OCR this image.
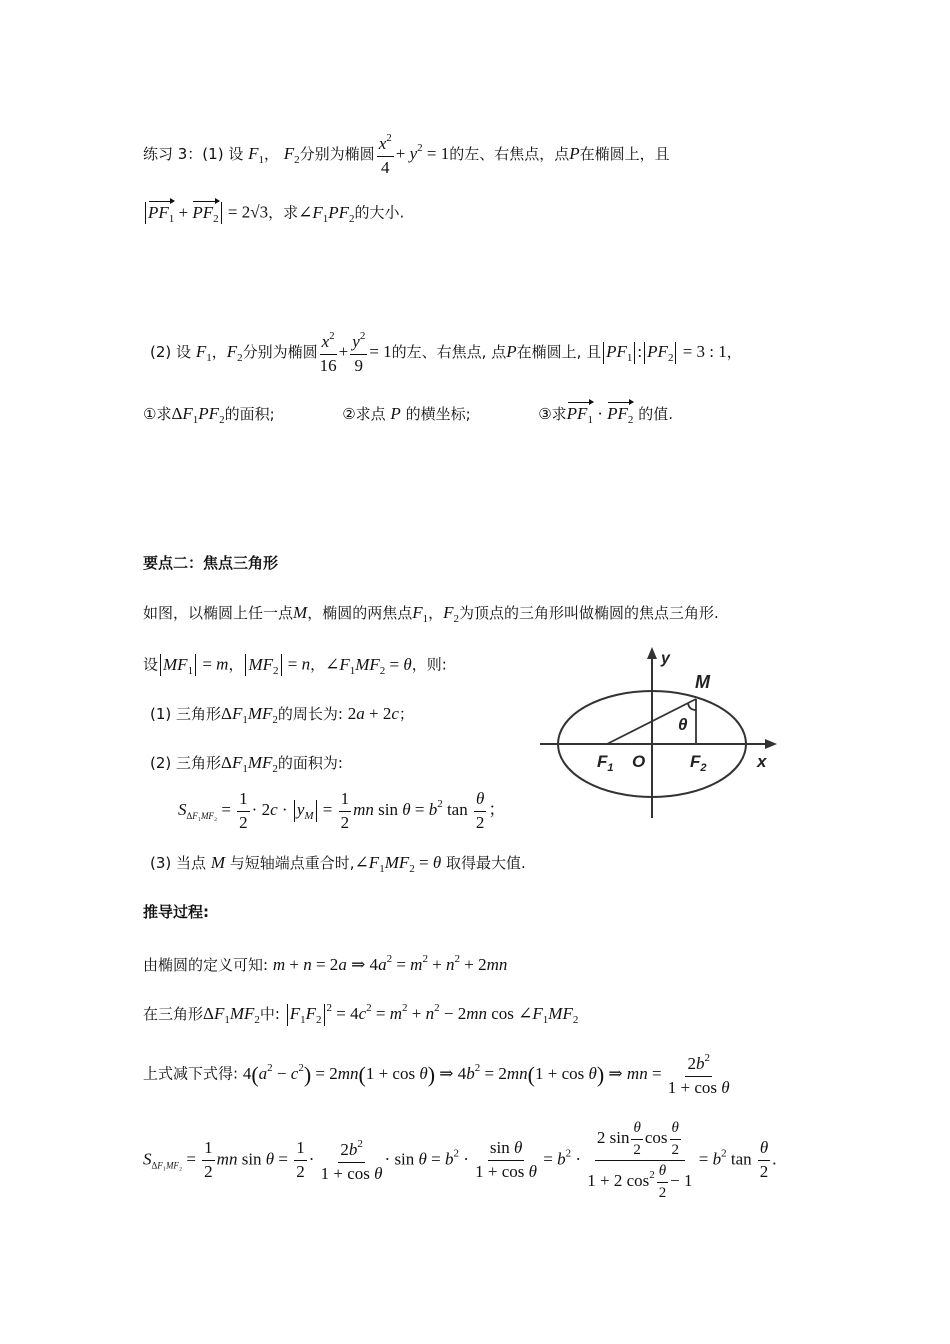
练习 3：(1) 设 $F_1$， $F_2$分别为椭圆 $\frac{x^2}{4} + y^2 = 1$的左、右焦点，点P在椭圆上，且
$PF_1 + PF_2 = 2√3$，求$\angle F_1PF_2$的大小.
(2) 设 $F_1$，$F_2$分别为椭圆 $\frac{x^2}{16} + \frac{y^2}{9} = 1$的左、右焦点, 点P在椭圆上, 且 $PF_1$ : $PF_2 = 3$ : 1，
①求$\Delta F_1PF_2$的面积;	②求点 P 的横坐标;	③求$PF_1 \cdot PF_2$ 的值.
要点二：焦点三角形
如图，以椭圆上任一点M，椭圆的两焦点$F_1$，$F_2$为顶点的三角形叫做椭圆的焦点三角形.
设 $MF_1 = m$， $MF_2 = n$，$\angle F_1MF_2 = \theta$，则:
(1) 三角形$\Delta F_1MF_2$的周长为: 2a + 2c；
(2) 三角形$\Delta F_1MF_2$的面积为:
$S_{\Delta F_1MF_2} = \frac{1}{2} \cdot 2c \cdot y_M = \frac{1}{2}$ mn $\sin \theta = b^2$ $\tan \frac{\theta}{2}$ ；
(3) 当点 M 与短轴端点重合时$,\angle F_1MF_2 = \theta$ 取得最大值.
y
x
M
θ
$F_1$ O	$F_2$
推导过程:
由椭圆的定义可知: m + n = 2a ⇒ $4a^2 = m^2 + n^2 + 2mn$
在三角形$\Delta F_1MF_2$中: $F_1F_2^2 = 4c^2 = m^2 + n^2 - 2mn$ $\cos \angle F_1MF_2$
上式减下式得: $4(a^2 - c^2) = 2mn(1 + \cos \theta)$ ⇒ $4b^2 = 2mn(1 + \cos \theta)$ ⇒ mn = $\frac{2b^2}{\text{1 + cos θ}}$
$S_{\Delta F_1MF_2} = \frac{1}{2}$ mn $\sin \theta = \frac{1}{2} \cdot \frac{2b^2}{\text{1 + cos θ}} \cdot \sin \theta = b^2 \cdot \frac{\text{sin θ}}{\text{1 + cos θ}} = b^2 \cdot \frac{2 \sin \frac{\theta}{2} \cos \frac{\theta}{2}}{1 + 2 \cos^2 \frac{\theta}{2} - 1} = b^2$ $\tan \frac{\theta}{2}$ .
